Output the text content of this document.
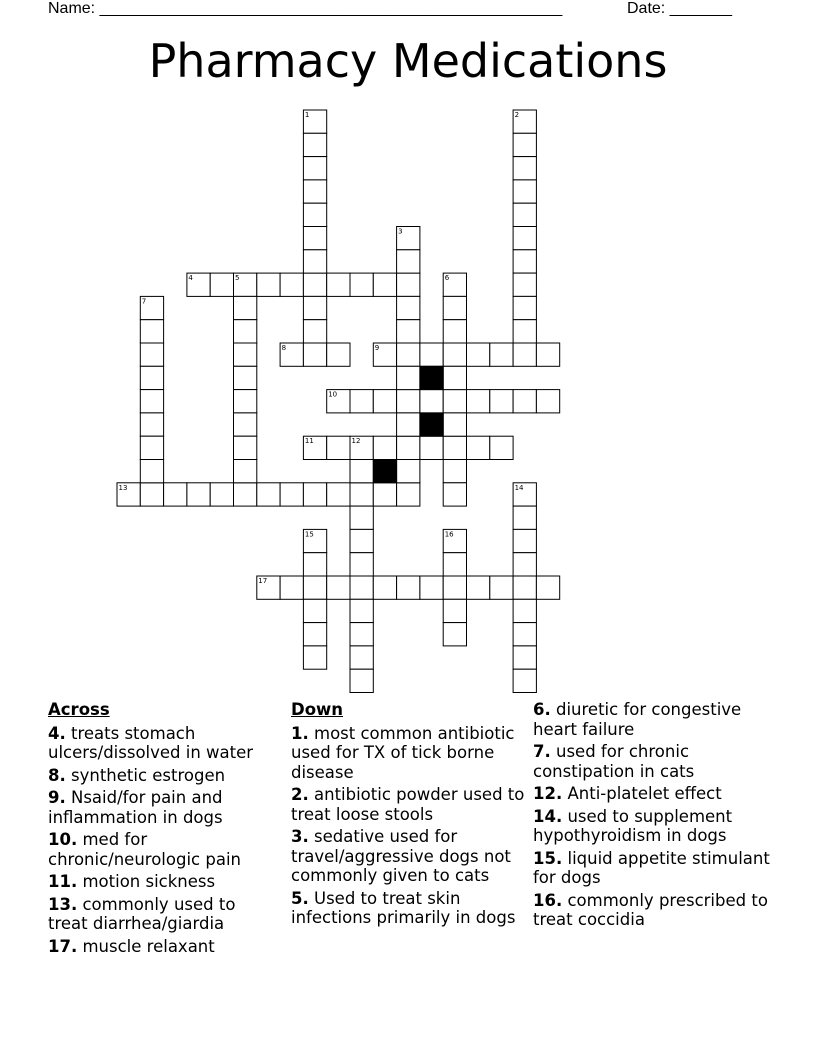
Name: ____________________________________________________	Date: _______
Pharmacy Medications
4
8	9
10
11
13
17
1	2
3
5	6
7
12
14
15	16
Across
4. treats stomach ulcers/dissolved in water
8. synthetic estrogen
9. Nsaid/for pain and inflammation in dogs
10. med for chronic/neurologic pain
11. motion sickness
13. commonly used to treat diarrhea/giardia
17. muscle relaxant
Down
1. most common antibiotic used for TX of tick borne disease
2. antibiotic powder used to treat loose stools
3. sedative used for travel/aggressive dogs not commonly given to cats
5. Used to treat skin infections primarily in dogs
6. diuretic for congestive heart failure
7. used for chronic constipation in cats
12. Anti-platelet effect
14. used to supplement hypothyroidism in dogs
15. liquid appetite stimulant for dogs
16. commonly prescribed to treat coccidia
